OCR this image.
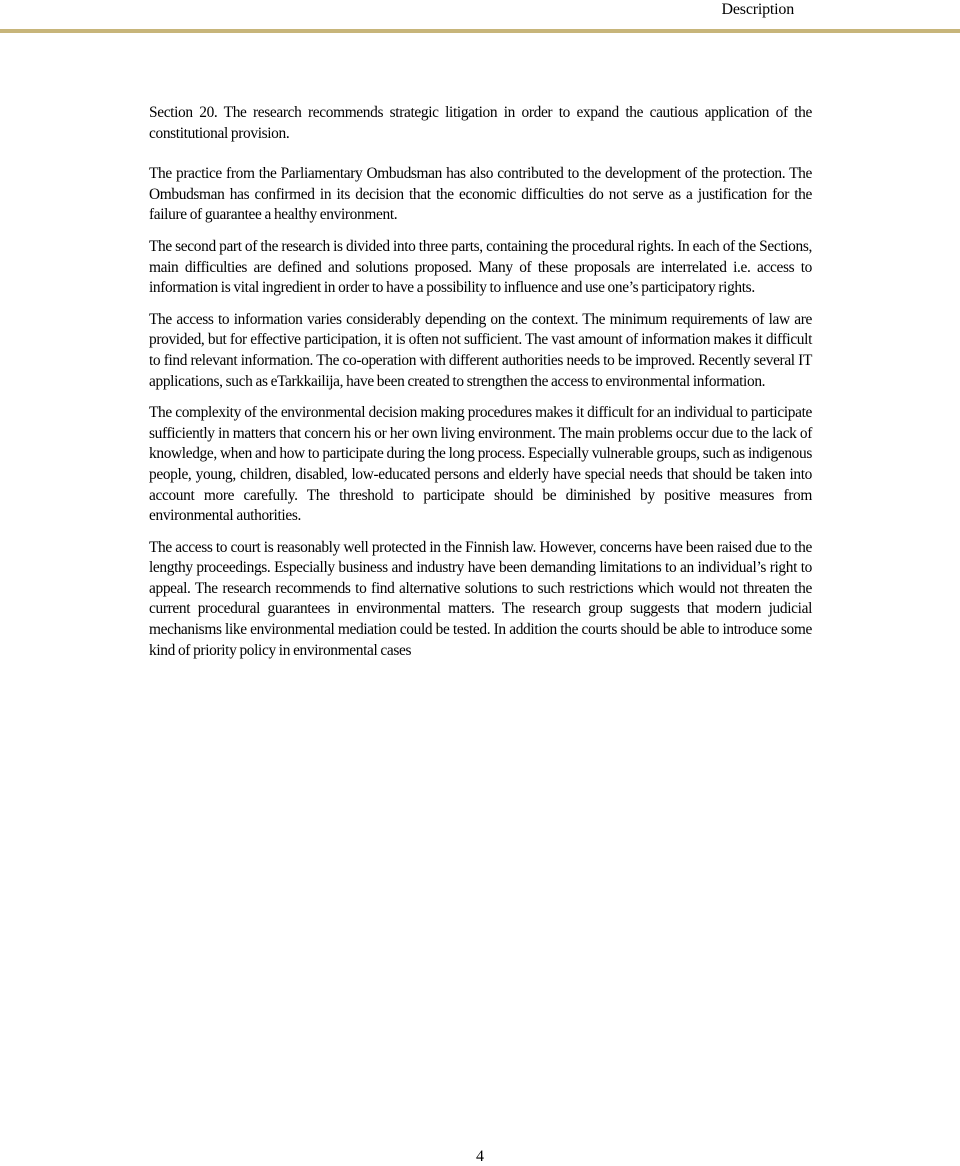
Description

Section 20. The research recommends strategic litigation in order to expand the cautious application of the constitutional provision.

The practice from the Parliamentary Ombudsman has also contributed to the development of the protection. The Ombudsman has confirmed in its decision that the economic difficulties do not serve as a justification for the failure of guarantee a healthy environment.

The second part of the research is divided into three parts, containing the procedural rights. In each of the Sections, main difficulties are defined and solutions proposed. Many of these proposals are interrelated i.e. access to information is vital ingredient in order to have a possibility to influence and use one’s participatory rights.

The access to information varies considerably depending on the context. The minimum requirements of law are provided, but for effective participation, it is often not sufficient. The vast amount of information makes it difficult to find relevant information. The co-operation with different authorities needs to be improved. Recently several IT applications, such as eTarkkailija, have been created to strengthen the access to environmental information.

The complexity of the environmental decision making procedures makes it difficult for an individual to participate sufficiently in matters that concern his or her own living environment. The main problems occur due to the lack of knowledge, when and how to participate during the long process. Especially vulnerable groups, such as indigenous people, young, children, disabled, low-educated persons and elderly have special needs that should be taken into account more carefully. The threshold to participate should be diminished by positive measures from environmental authorities.

The access to court is reasonably well protected in the Finnish law. However, concerns have been raised due to the lengthy proceedings. Especially business and industry have been demanding limitations to an individual’s right to appeal. The research recommends to find alternative solutions to such restrictions which would not threaten the current procedural guarantees in environmental matters. The research group suggests that modern judicial mechanisms like environmental mediation could be tested. In addition the courts should be able to introduce some kind of priority policy in environmental cases

4
